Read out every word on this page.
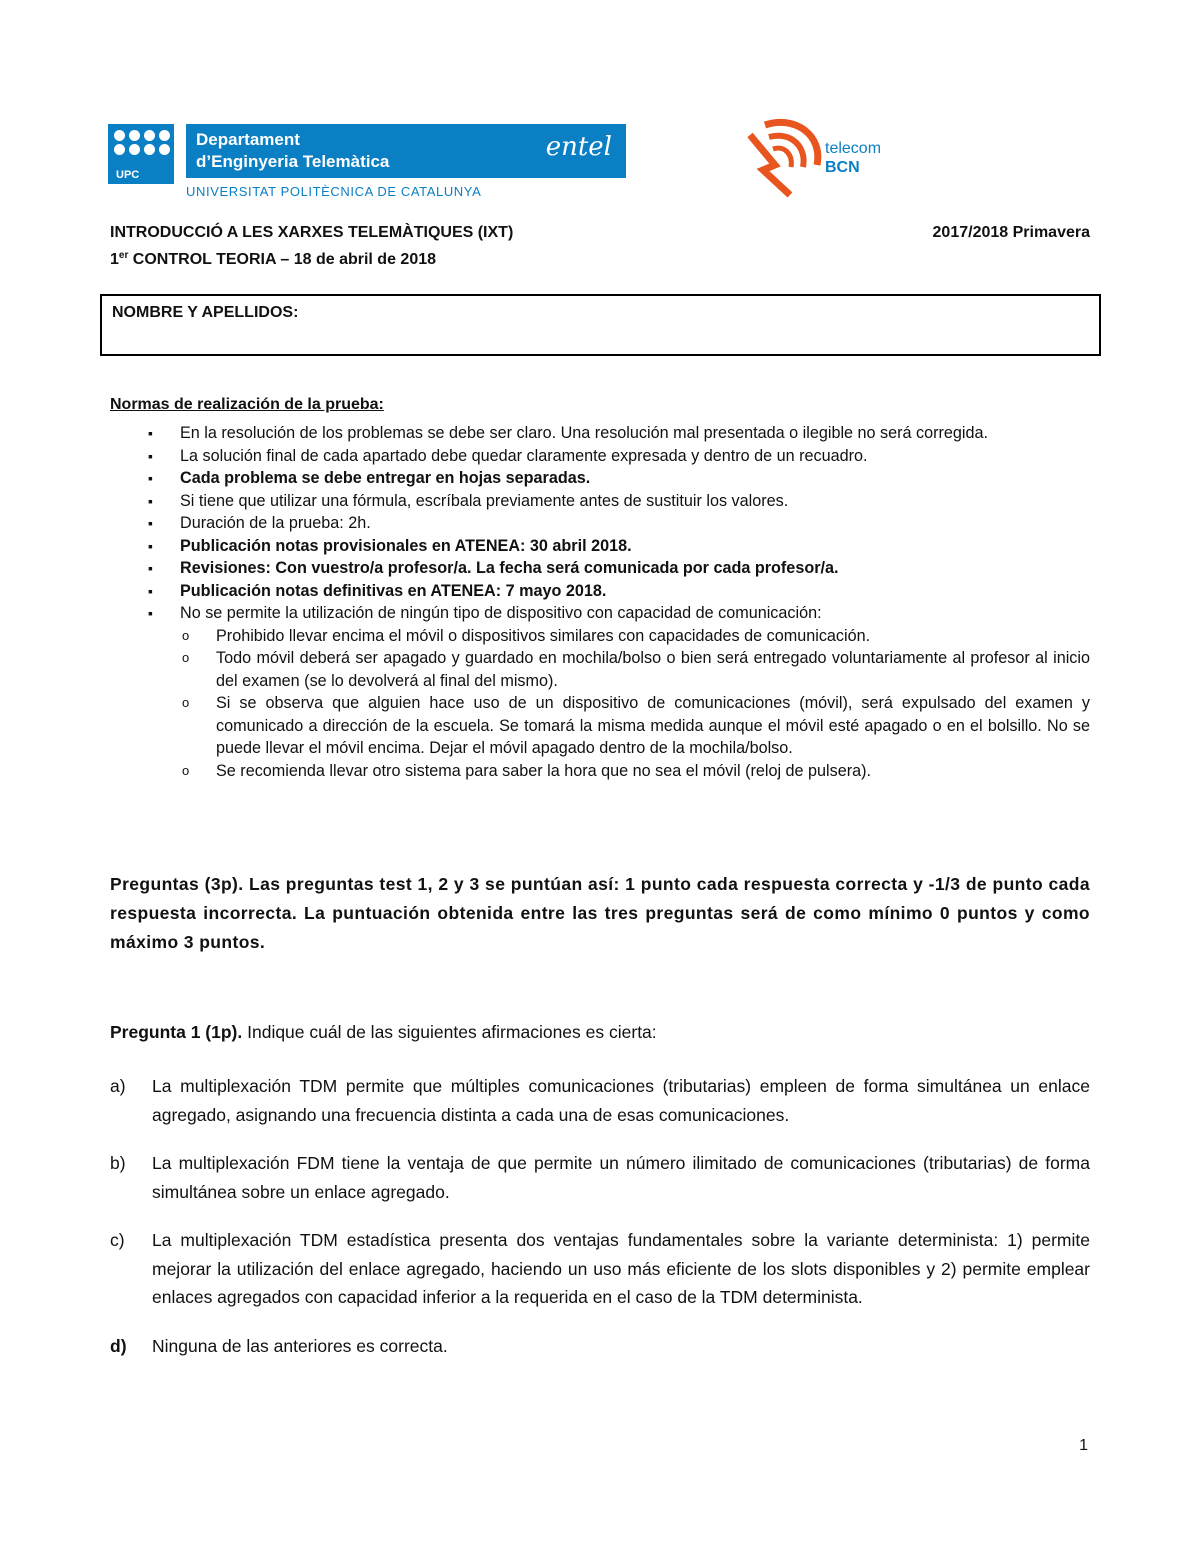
UPC
Departament
d’Enginyeria Telemàtica	entel
UNIVERSITAT POLITÈCNICA DE CATALUNYA
telecom
BCN
INTRODUCCIÓ A LES XARXES TELEMÀTIQUES (IXT)	2017/2018 Primavera
1er CONTROL TEORIA – 18 de abril de 2018
NOMBRE Y APELLIDOS:
Normas de realización de la prueba:
▪ En la resolución de los problemas se debe ser claro. Una resolución mal presentada o ilegible no será corregida.
▪ La solución final de cada apartado debe quedar claramente expresada y dentro de un recuadro.
▪ Cada problema se debe entregar en hojas separadas.
▪ Si tiene que utilizar una fórmula, escríbala previamente antes de sustituir los valores.
▪ Duración de la prueba: 2h.
▪ Publicación notas provisionales en ATENEA: 30 abril 2018.
▪ Revisiones: Con vuestro/a profesor/a. La fecha será comunicada por cada profesor/a.
▪ Publicación notas definitivas en ATENEA: 7 mayo 2018.
▪ No se permite la utilización de ningún tipo de dispositivo con capacidad de comunicación:
o Prohibido llevar encima el móvil o dispositivos similares con capacidades de comunicación.
o Todo móvil deberá ser apagado y guardado en mochila/bolso o bien será entregado voluntariamente al profesor al inicio del examen (se lo devolverá al final del mismo).
o Si se observa que alguien hace uso de un dispositivo de comunicaciones (móvil), será expulsado del examen y comunicado a dirección de la escuela. Se tomará la misma medida aunque el móvil esté apagado o en el bolsillo. No se puede llevar el móvil encima. Dejar el móvil apagado dentro de la mochila/bolso.
o Se recomienda llevar otro sistema para saber la hora que no sea el móvil (reloj de pulsera).
Preguntas (3p). Las preguntas test 1, 2 y 3 se puntúan así: 1 punto cada respuesta correcta y -1/3 de punto cada respuesta incorrecta. La puntuación obtenida entre las tres preguntas será de como mínimo 0 puntos y como máximo 3 puntos.
Pregunta 1 (1p). Indique cuál de las siguientes afirmaciones es cierta:
a) La multiplexación TDM permite que múltiples comunicaciones (tributarias) empleen de forma simultánea un enlace agregado, asignando una frecuencia distinta a cada una de esas comunicaciones.
b) La multiplexación FDM tiene la ventaja de que permite un número ilimitado de comunicaciones (tributarias) de forma simultánea sobre un enlace agregado.
c) La multiplexación TDM estadística presenta dos ventajas fundamentales sobre la variante determinista: 1) permite mejorar la utilización del enlace agregado, haciendo un uso más eficiente de los slots disponibles y 2) permite emplear enlaces agregados con capacidad inferior a la requerida en el caso de la TDM determinista.
d) Ninguna de las anteriores es correcta.
1
